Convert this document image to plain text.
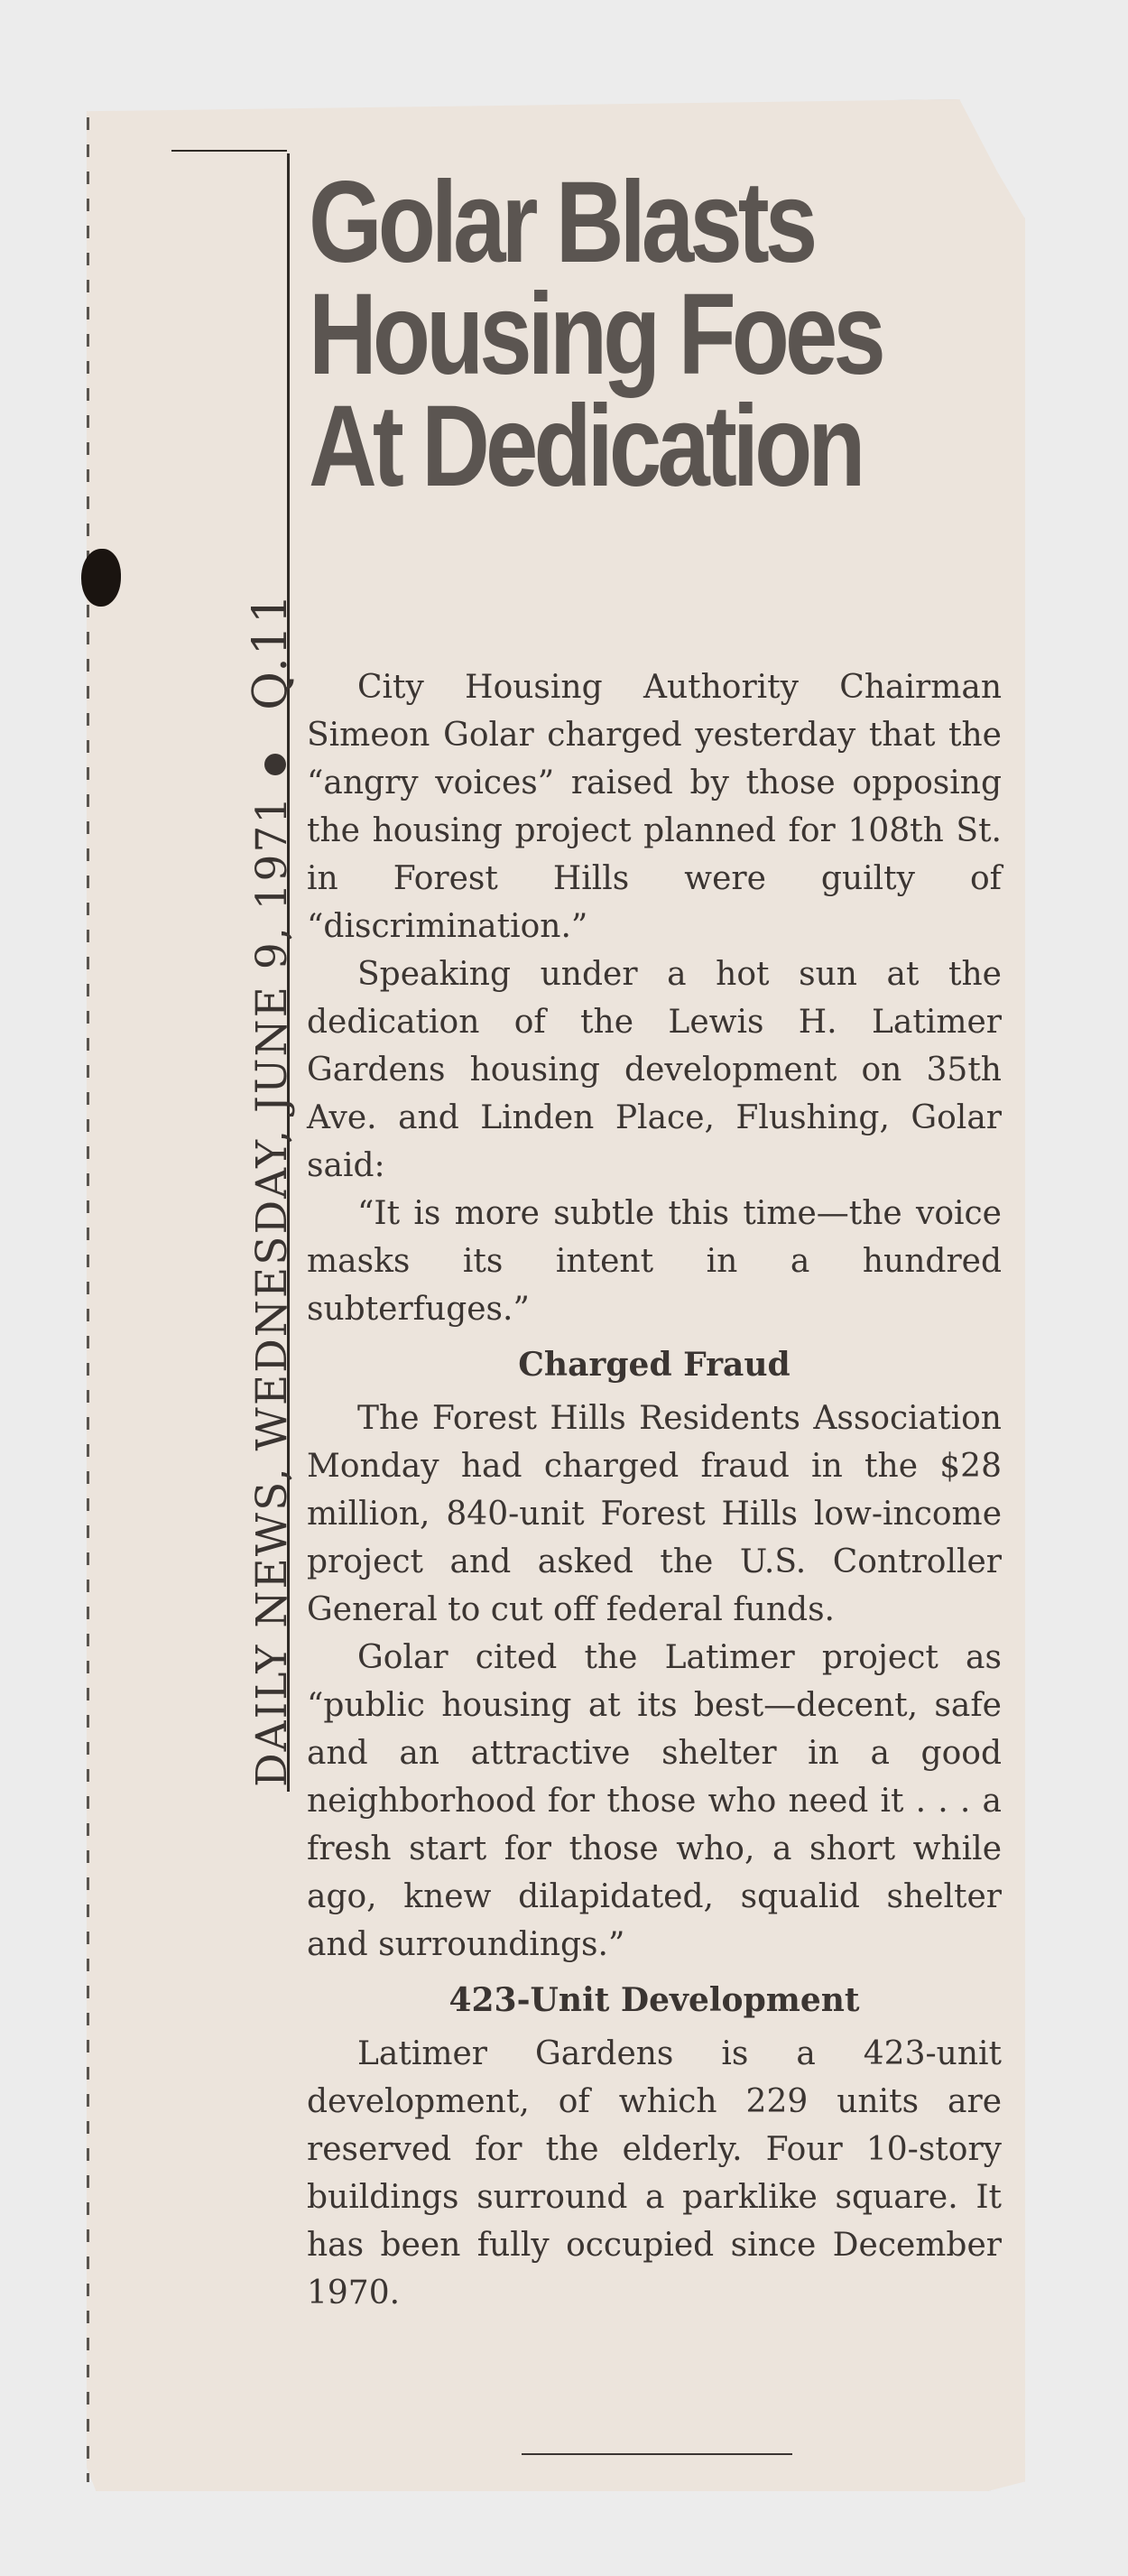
DAILY NEWS, WEDNESDAY, JUNE 9, 1971Q.11
Golar Blasts
Housing Foes
At Dedication

City Housing Authority Chairman Simeon Golar charged yesterday that the “angry voices” raised by those opposing the housing project planned for 108th St. in Forest Hills were guilty of “discrimination.”

Speaking under a hot sun at the dedication of the Lewis H. Latimer Gardens housing development on 35th Ave. and Linden Place, Flushing, Golar said:

“It is more subtle this time—the voice masks its intent in a hundred subterfuges.”

Charged Fraud

The Forest Hills Residents Association Monday had charged fraud in the $28 million, 840-unit Forest Hills low-income project and asked the U.S. Controller General to cut off federal funds.

Golar cited the Latimer project as “public housing at its best—decent, safe and an attractive shelter in a good neighborhood for those who need it . . . a fresh start for those who, a short while ago, knew dilapidated, squalid shelter and surroundings.”

423-Unit Development

Latimer Gardens is a 423-unit development, of which 229 units are reserved for the elderly. Four 10-story buildings surround a parklike square. It has been fully occupied since December 1970.
